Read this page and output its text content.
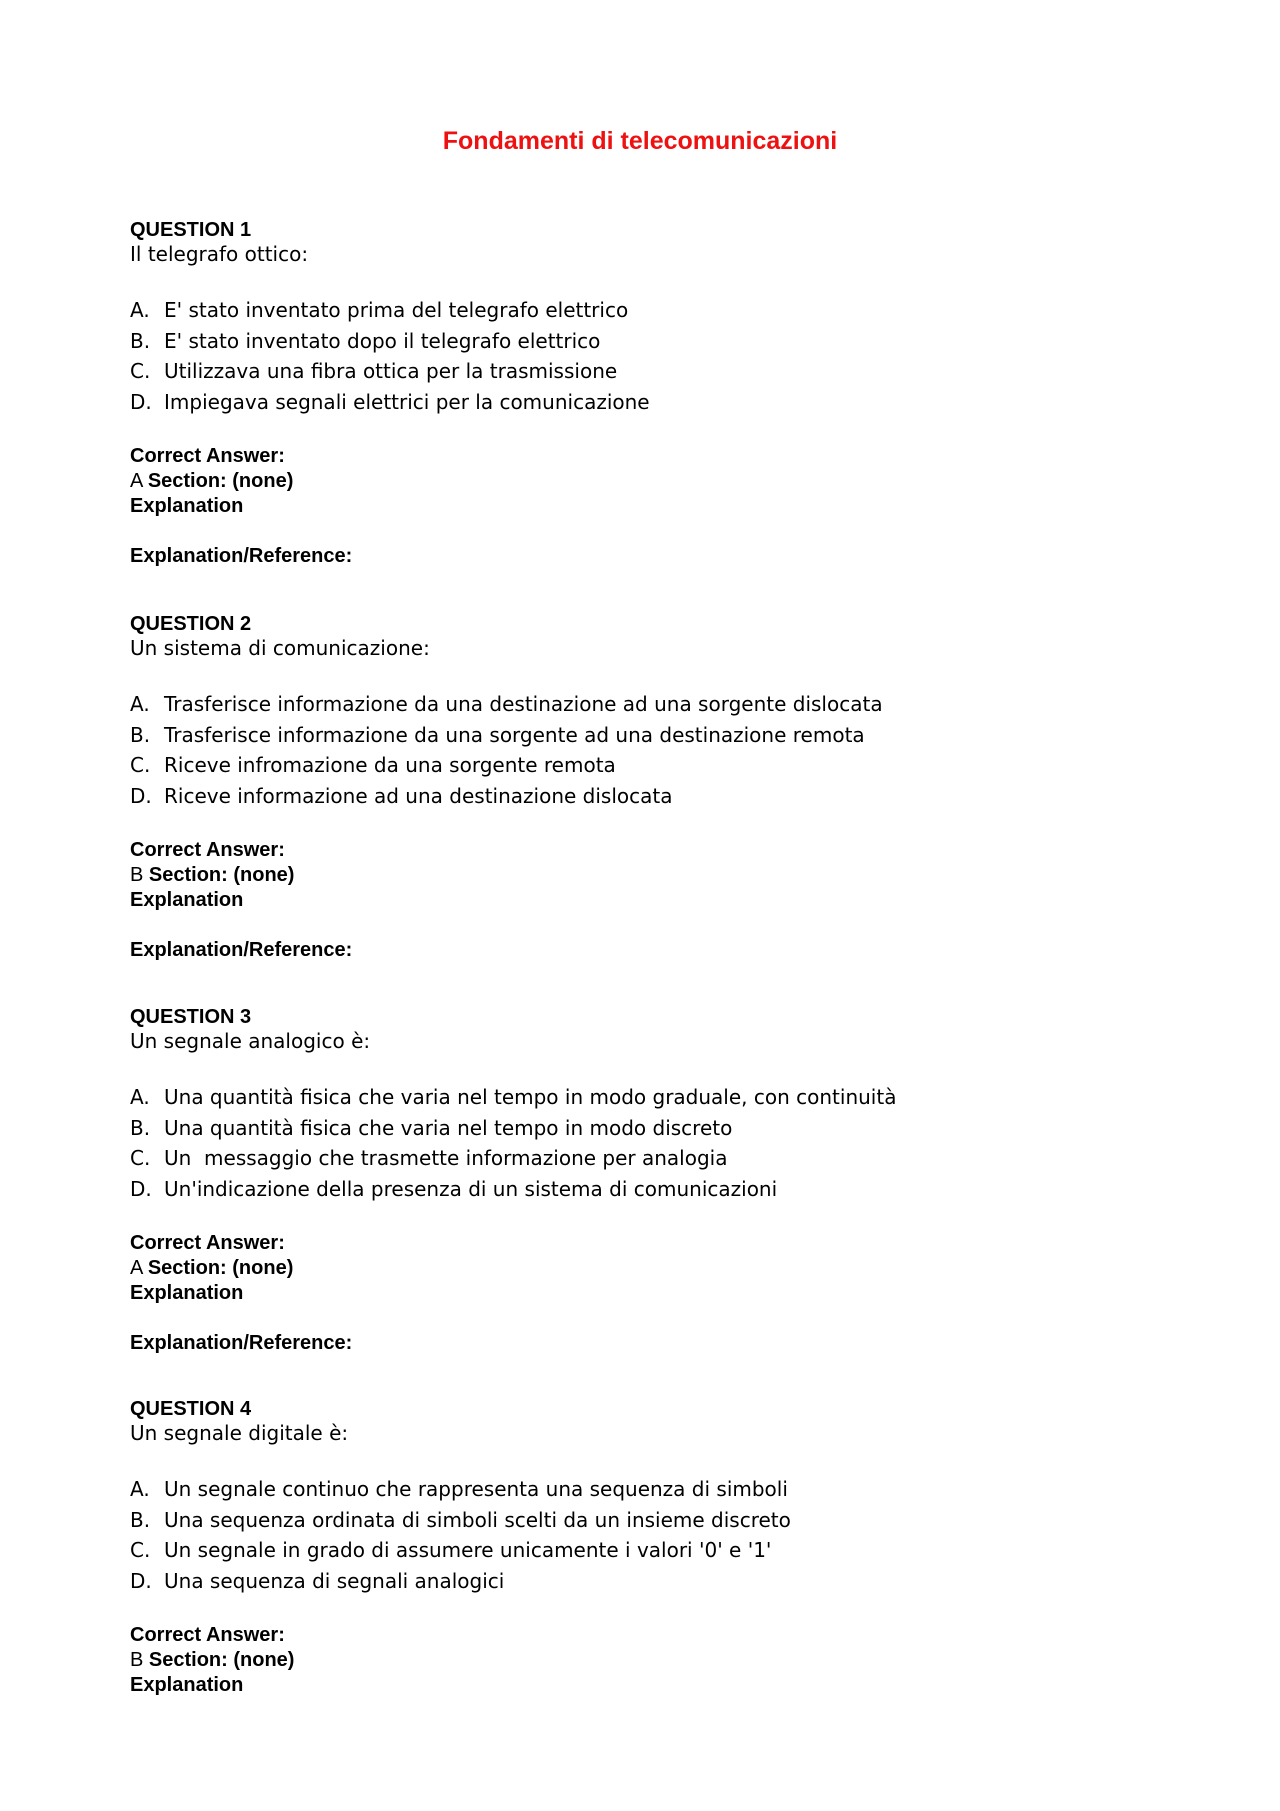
Fondamenti di telecomunicazioni

QUESTION 1

Il telegrafo ottico:

A. E' stato inventato prima del telegrafo elettrico
B. E' stato inventato dopo il telegrafo elettrico
C. Utilizzava una fibra ottica per la trasmissione
D. Impiegava segnali elettrici per la comunicazione

Correct Answer:

A Section: (none)

Explanation

Explanation/Reference:

QUESTION 2

Un sistema di comunicazione:

A. Trasferisce informazione da una destinazione ad una sorgente dislocata
B. Trasferisce informazione da una sorgente ad una destinazione remota
C. Riceve infromazione da una sorgente remota
D. Riceve informazione ad una destinazione dislocata

Correct Answer:

B Section: (none)

Explanation

Explanation/Reference:

QUESTION 3

Un segnale analogico è:

A. Una quantità fisica che varia nel tempo in modo graduale, con continuità
B. Una quantità fisica che varia nel tempo in modo discreto
C. Un  messaggio che trasmette informazione per analogia
D. Un'indicazione della presenza di un sistema di comunicazioni

Correct Answer:

A Section: (none)

Explanation

Explanation/Reference:

QUESTION 4

Un segnale digitale è:

A. Un segnale continuo che rappresenta una sequenza di simboli
B. Una sequenza ordinata di simboli scelti da un insieme discreto
C. Un segnale in grado di assumere unicamente i valori '0' e '1'
D. Una sequenza di segnali analogici

Correct Answer:

B Section: (none)

Explanation
